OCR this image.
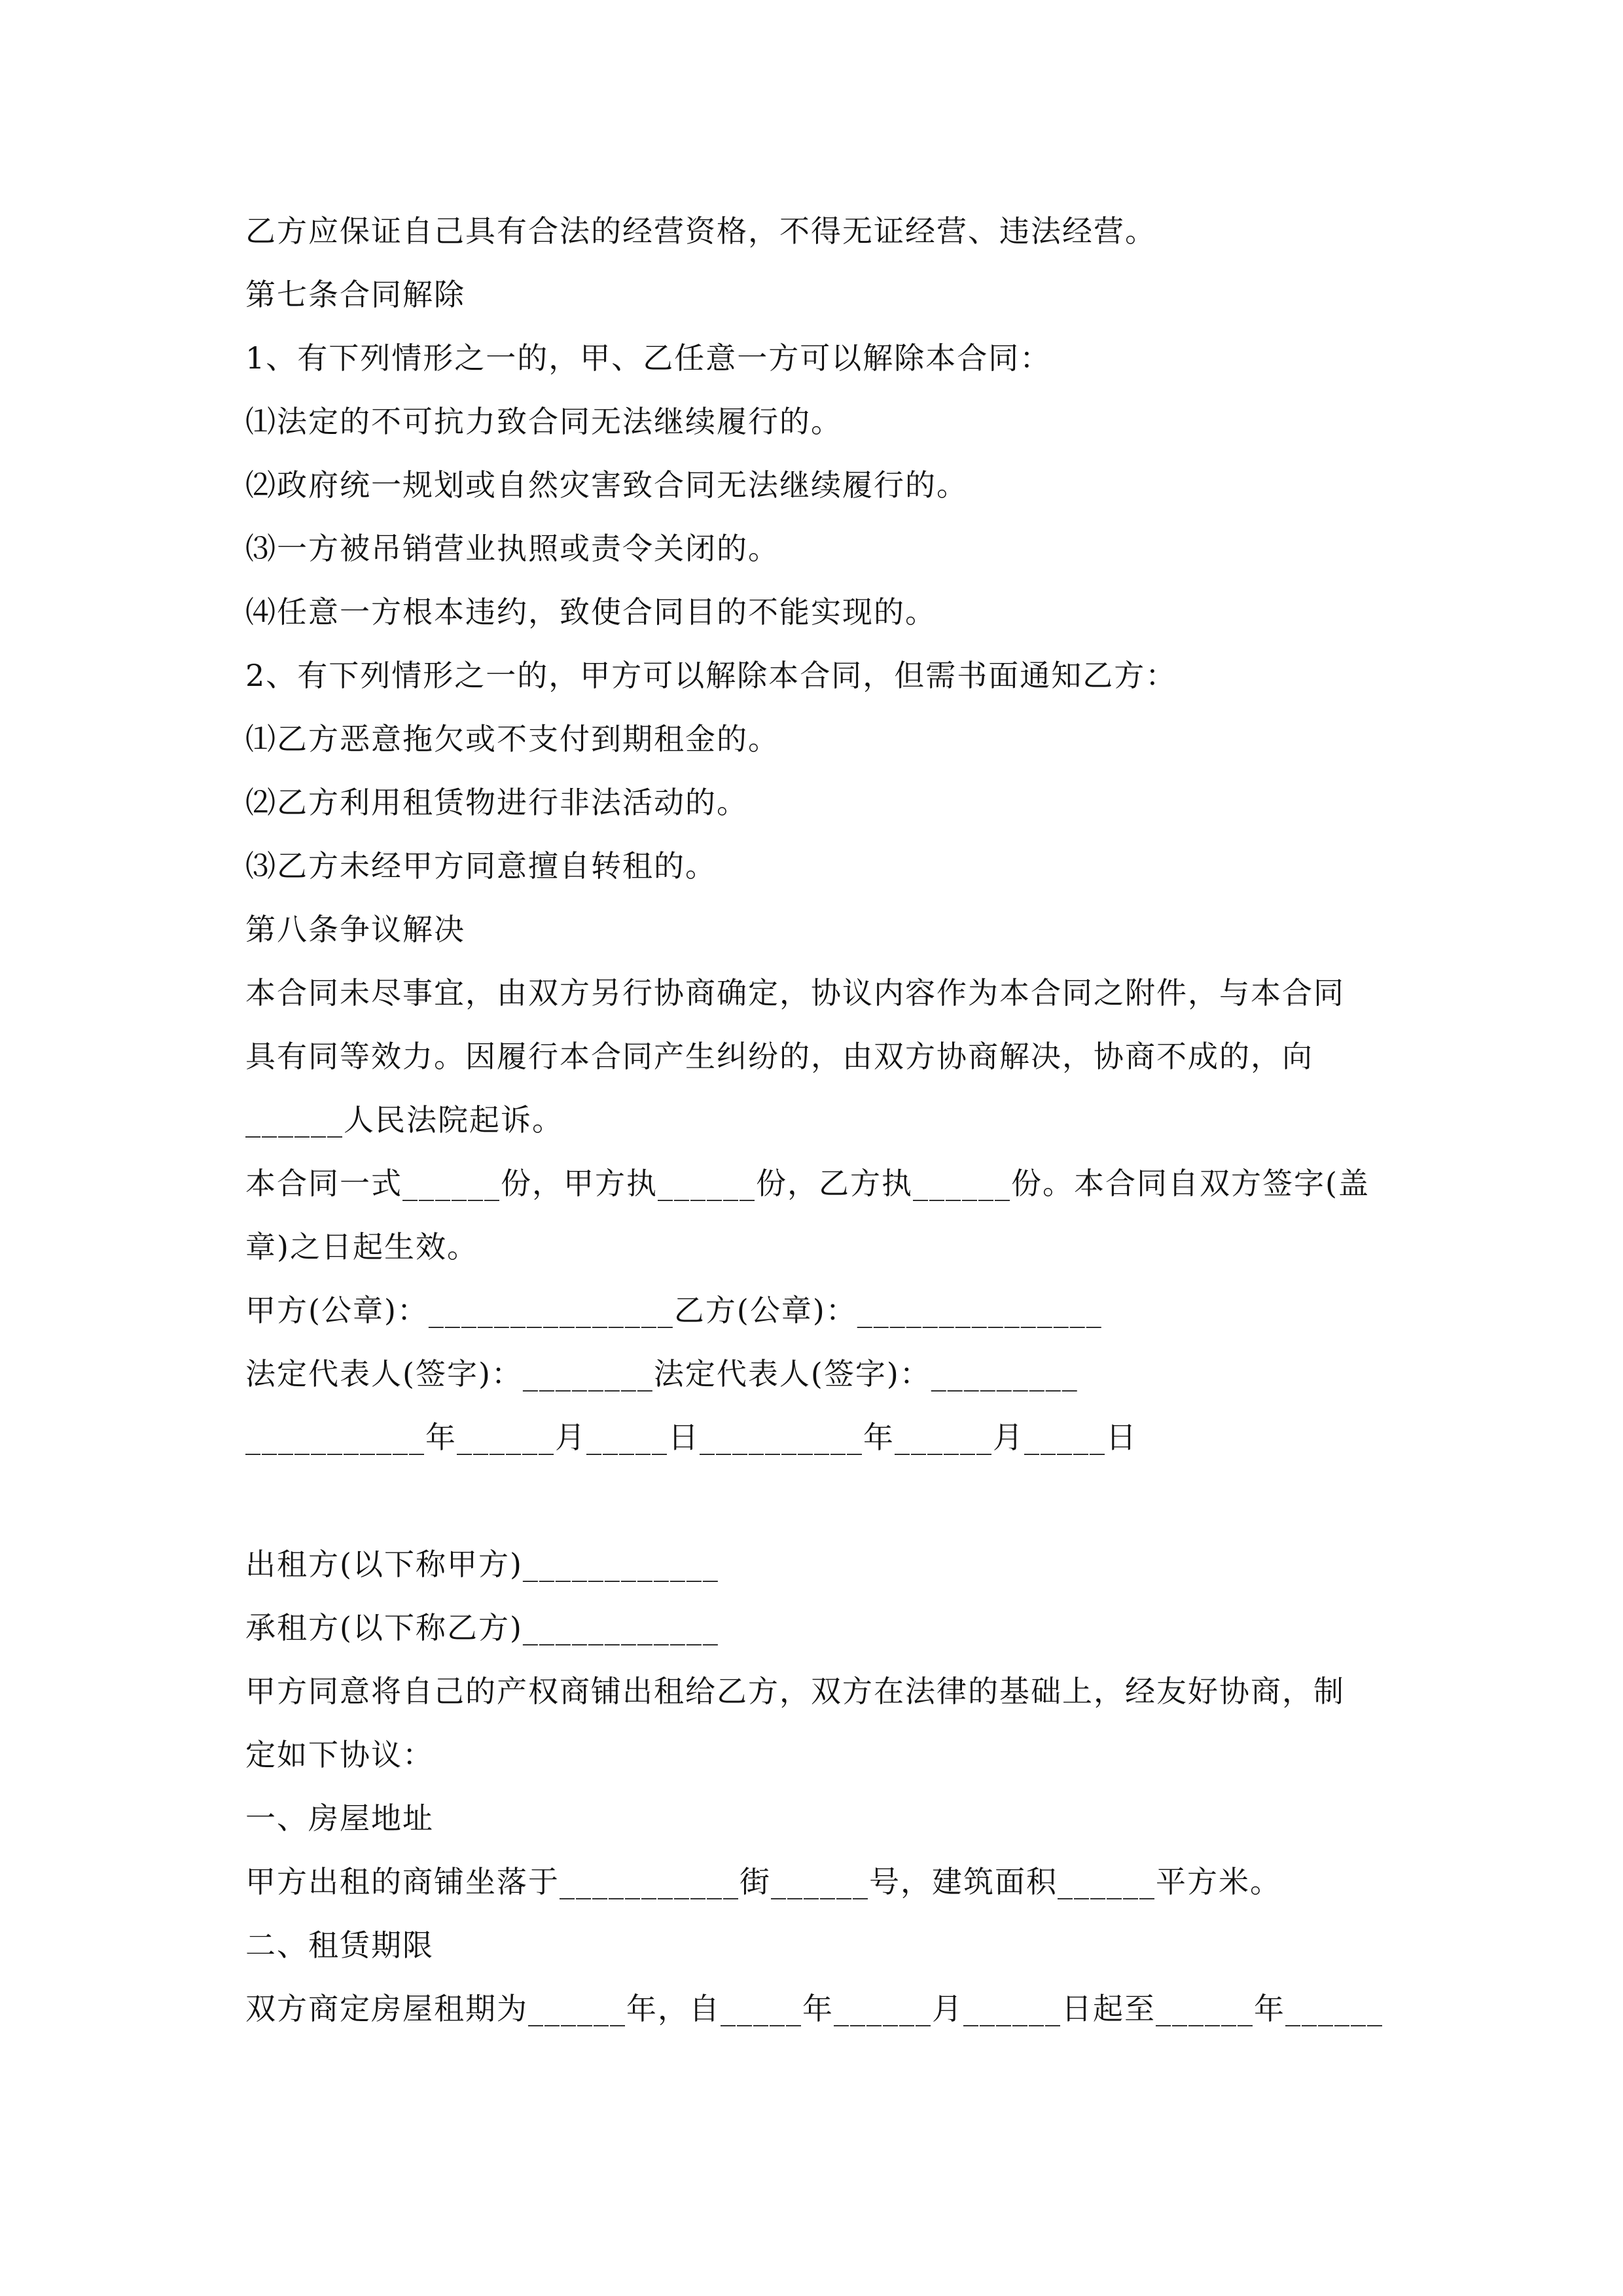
乙方应保证自己具有合法的经营资格，不得无证经营、违法经营。
第七条合同解除
1、有下列情形之一的，甲、乙任意一方可以解除本合同：
⑴法定的不可抗力致合同无法继续履行的。
⑵政府统一规划或自然灾害致合同无法继续履行的。
⑶一方被吊销营业执照或责令关闭的。
⑷任意一方根本违约，致使合同目的不能实现的。
2、有下列情形之一的，甲方可以解除本合同，但需书面通知乙方：
⑴乙方恶意拖欠或不支付到期租金的。
⑵乙方利用租赁物进行非法活动的。
⑶乙方未经甲方同意擅自转租的。
第八条争议解决
本合同未尽事宜，由双方另行协商确定，协议内容作为本合同之附件，与本合同
具有同等效力。因履行本合同产生纠纷的，由双方协商解决，协商不成的，向
______人民法院起诉。
本合同一式______份，甲方执______份，乙方执______份。本合同自双方签字(盖
章)之日起生效。
甲方(公章)：_______________乙方(公章)：_______________
法定代表人(签字)：________法定代表人(签字)：_________
___________年______月_____日__________年______月_____日
出租方(以下称甲方)____________
承租方(以下称乙方)____________
甲方同意将自己的产权商铺出租给乙方，双方在法律的基础上，经友好协商，制
定如下协议：
一、房屋地址
甲方出租的商铺坐落于___________街______号，建筑面积______平方米。
二、租赁期限
双方商定房屋租期为______年，自_____年______月______日起至______年______
